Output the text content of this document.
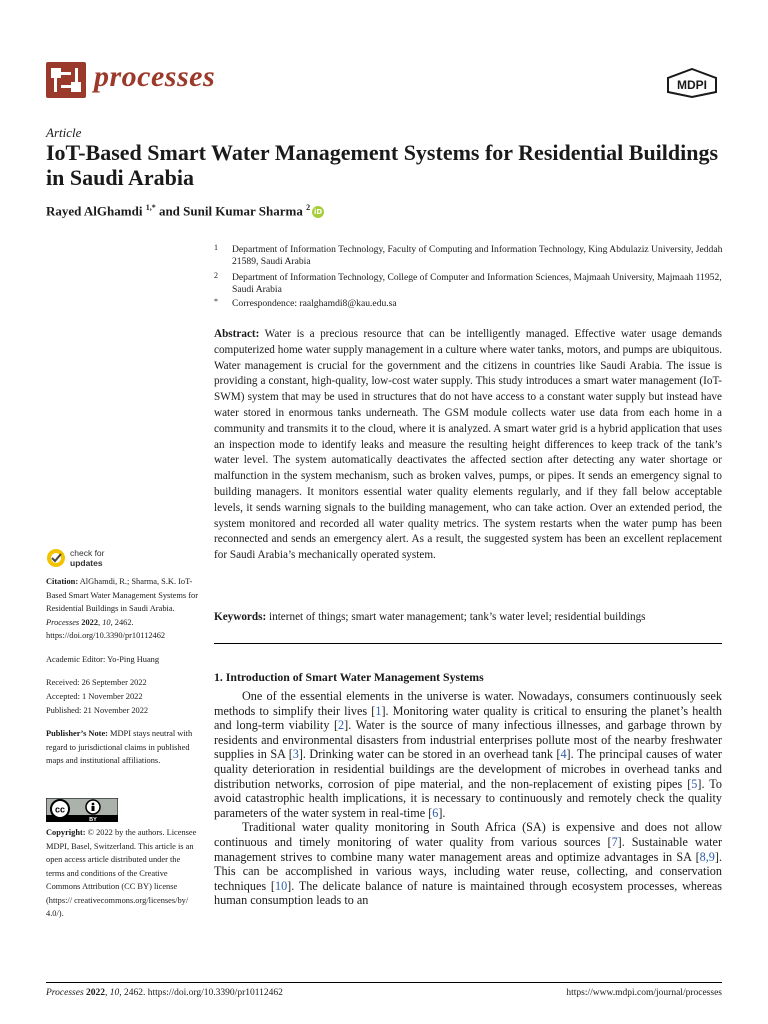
processes	MDPI
Article
IoT-Based Smart Water Management Systems for Residential Buildings in Saudi Arabia
Rayed AlGhamdi $^{1,*}$ and Sunil Kumar Sharma $^2$iD
1	Department of Information Technology, Faculty of Computing and Information Technology, King Abdulaziz University, Jeddah 21589, Saudi Arabia
2	Department of Information Technology, College of Computer and Information Sciences, Majmaah University, Majmaah 11952, Saudi Arabia
*	Correspondence: raalghamdi8@kau.edu.sa
Abstract: Water is a precious resource that can be intelligently managed. Effective water usage demands computerized home water supply management in a culture where water tanks, motors, and pumps are ubiquitous. Water management is crucial for the government and the citizens in countries like Saudi Arabia. The issue is providing a constant, high-quality, low-cost water supply. This study introduces a smart water management (IoT-SWM) system that may be used in structures that do not have access to a constant water supply but instead have water stored in enormous tanks underneath. The GSM module collects water use data from each home in a community and transmits it to the cloud, where it is analyzed. A smart water grid is a hybrid application that uses an inspection mode to identify leaks and measure the resulting height differences to keep track of the tank’s water level. The system automatically deactivates the affected section after detecting any water shortage or malfunction in the system mechanism, such as broken valves, pumps, or pipes. It sends an emergency signal to building managers. It monitors essential water quality elements regularly, and if they fall below acceptable levels, it sends warning signals to the building management, who can take action. Over an extended period, the system monitored and recorded all water quality metrics. The system restarts when the water pump has been reconnected and sends an emergency alert. As a result, the suggested system has been an excellent replacement for Saudi Arabia’s mechanically operated system.
Keywords: internet of things; smart water management; tank’s water level; residential buildings
1. Introduction of Smart Water Management Systems

One of the essential elements in the universe is water. Nowadays, consumers continuously seek methods to simplify their lives [1]. Monitoring water quality is critical to ensuring the planet’s health and long-term viability [2]. Water is the source of many infectious illnesses, and garbage thrown by residents and environmental disasters from industrial enterprises pollute most of the nearby freshwater supplies in SA [3]. Drinking water can be stored in an overhead tank [4]. The principal causes of water quality deterioration in residential buildings are the development of microbes in overhead tanks and distribution networks, corrosion of pipe material, and the non-replacement of existing pipes [5]. To avoid catastrophic health implications, it is necessary to continuously and remotely check the quality parameters of the water system in real-time [6].

Traditional water quality monitoring in South Africa (SA) is expensive and does not allow continuous and timely monitoring of water quality from various sources [7]. Sustainable water management strives to combine many water management areas and optimize advantages in SA [8,9]. This can be accomplished in various ways, including water reuse, collecting, and conservation techniques [10]. The delicate balance of nature is maintained through ecosystem processes, whereas human consumption leads to an

check for
updates
Citation: AlGhamdi, R.; Sharma, S.K. IoT-Based Smart Water Management Systems for Residential Buildings in Saudi Arabia. Processes 2022, 10, 2462. https://doi.org/10.3390/pr10112462
Academic Editor: Yo-Ping Huang
Received: 26 September 2022
Accepted: 1 November 2022
Published: 21 November 2022
Publisher’s Note: MDPI stays neutral with regard to jurisdictional claims in published maps and institutional affiliations.
cc
BY
Copyright: © 2022 by the authors. Licensee MDPI, Basel, Switzerland. This article is an open access article distributed under the terms and conditions of the Creative Commons Attribution (CC BY) license (https:// creativecommons.org/licenses/by/ 4.0/).
Processes 2022, 10, 2462. https://doi.org/10.3390/pr10112462	https://www.mdpi.com/journal/processes
